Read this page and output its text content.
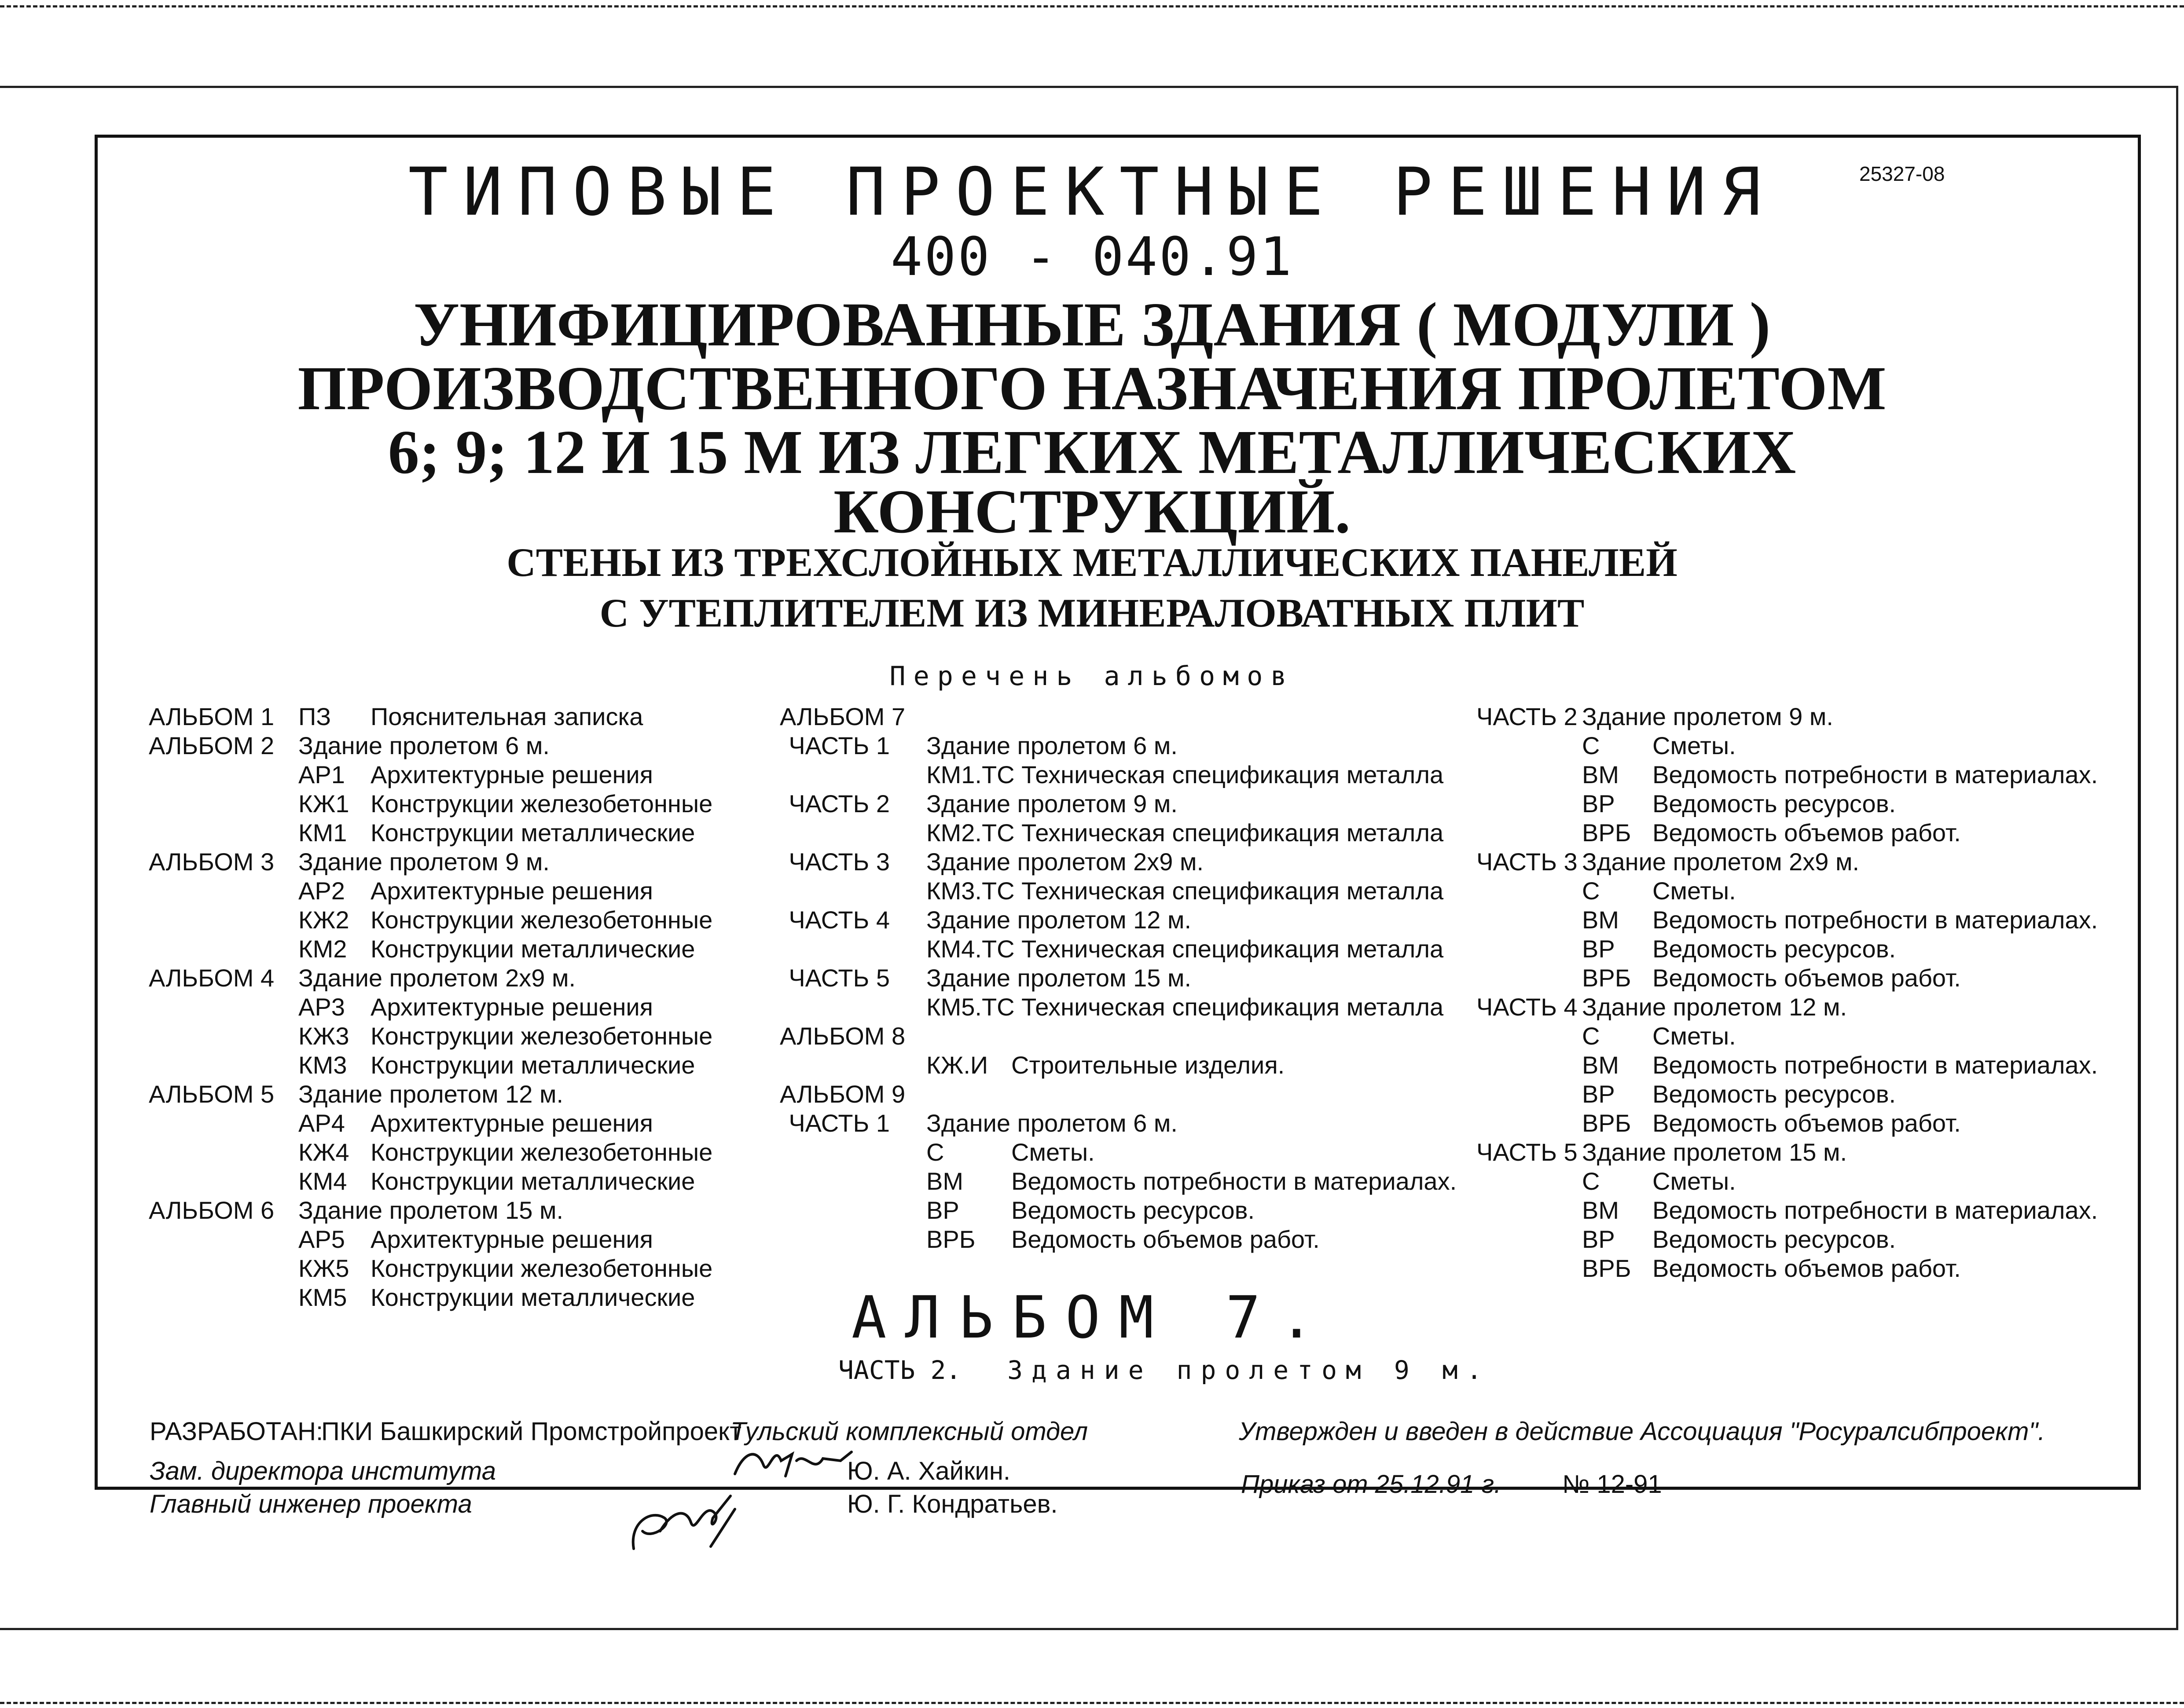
25327-08
ТИПОВЫЕ ПРОЕКТНЫЕ РЕШЕНИЯ
400 - 040.91
УНИФИЦИРОВАННЫЕ ЗДАНИЯ ( МОДУЛИ )
ПРОИЗВОДСТВЕННОГО НАЗНАЧЕНИЯ ПРОЛЕТОМ
6; 9; 12 И 15 М ИЗ ЛЕГКИХ МЕТАЛЛИЧЕСКИХ
КОНСТРУКЦИЙ.
СТЕНЫ ИЗ ТРЕХСЛОЙНЫХ МЕТАЛЛИЧЕСКИХ ПАНЕЛЕЙ
С УТЕПЛИТЕЛЕМ ИЗ МИНЕРАЛОВАТНЫХ ПЛИТ
Перечень альбомов
АЛЬБОМ 1 ПЗ Пояснительная записка
АЛЬБОМ 2 Здание пролетом 6 м.
АР1 Архитектурные решения
КЖ1 Конструкции железобетонные
КМ1 Конструкции металлические
АЛЬБОМ 3 Здание пролетом 9 м.
АР2 Архитектурные решения
КЖ2 Конструкции железобетонные
КМ2 Конструкции металлические
АЛЬБОМ 4 Здание пролетом 2x9 м.
АР3 Архитектурные решения
КЖ3 Конструкции железобетонные
КМ3 Конструкции металлические
АЛЬБОМ 5 Здание пролетом 12 м.
АР4 Архитектурные решения
КЖ4 Конструкции железобетонные
КМ4 Конструкции металлические
АЛЬБОМ 6 Здание пролетом 15 м.
АР5 Архитектурные решения
КЖ5 Конструкции железобетонные
КМ5 Конструкции металлические
АЛЬБОМ 7
ЧАСТЬ 1 Здание пролетом 6 м.
КМ1.ТС Техническая спецификация металла
ЧАСТЬ 2 Здание пролетом 9 м.
КМ2.ТС Техническая спецификация металла
ЧАСТЬ 3 Здание пролетом 2x9 м.
КМ3.ТС Техническая спецификация металла
ЧАСТЬ 4 Здание пролетом 12 м.
КМ4.ТС Техническая спецификация металла
ЧАСТЬ 5 Здание пролетом 15 м.
КМ5.ТС Техническая спецификация металла
АЛЬБОМ 8
КЖ.И Строительные изделия.
АЛЬБОМ 9
ЧАСТЬ 1 Здание пролетом 6 м.
С	Сметы.
ВМ Ведомость потребности в материалах.
ВР Ведомость ресурсов.
ВРБ Ведомость объемов работ.
ЧАСТЬ 2 Здание пролетом 9 м.
С Сметы.
ВМ Ведомость потребности в материалах.
ВР Ведомость ресурсов.
ВРБ Ведомость объемов работ.
ЧАСТЬ 3 Здание пролетом 2x9 м.
С Сметы.
ВМ Ведомость потребности в материалах.
ВР Ведомость ресурсов.
ВРБ Ведомость объемов работ.
ЧАСТЬ 4 Здание пролетом 12 м.
С Сметы.
ВМ Ведомость потребности в материалах.
ВР Ведомость ресурсов.
ВРБ Ведомость объемов работ.
ЧАСТЬ 5 Здание пролетом 15 м.
С Сметы.
ВМ Ведомость потребности в материалах.
ВР Ведомость ресурсов.
ВРБ Ведомость объемов работ.
АЛЬБОМ 7.
ЧАСТЬ 2. Здание пролетом 9 м.
РАЗРАБОТАН:
ПКИ Башкирский Промстройпроект
Тульский комплексный отдел	Утвержден и введен в действие Ассоциация "Росуралсибпроект".
Зам. директора института
Главный инженер проекта
Ю. А. Хайкин.
Ю. Г. Кондратьев.
Приказ от 25.12.91 г. № 12-91
